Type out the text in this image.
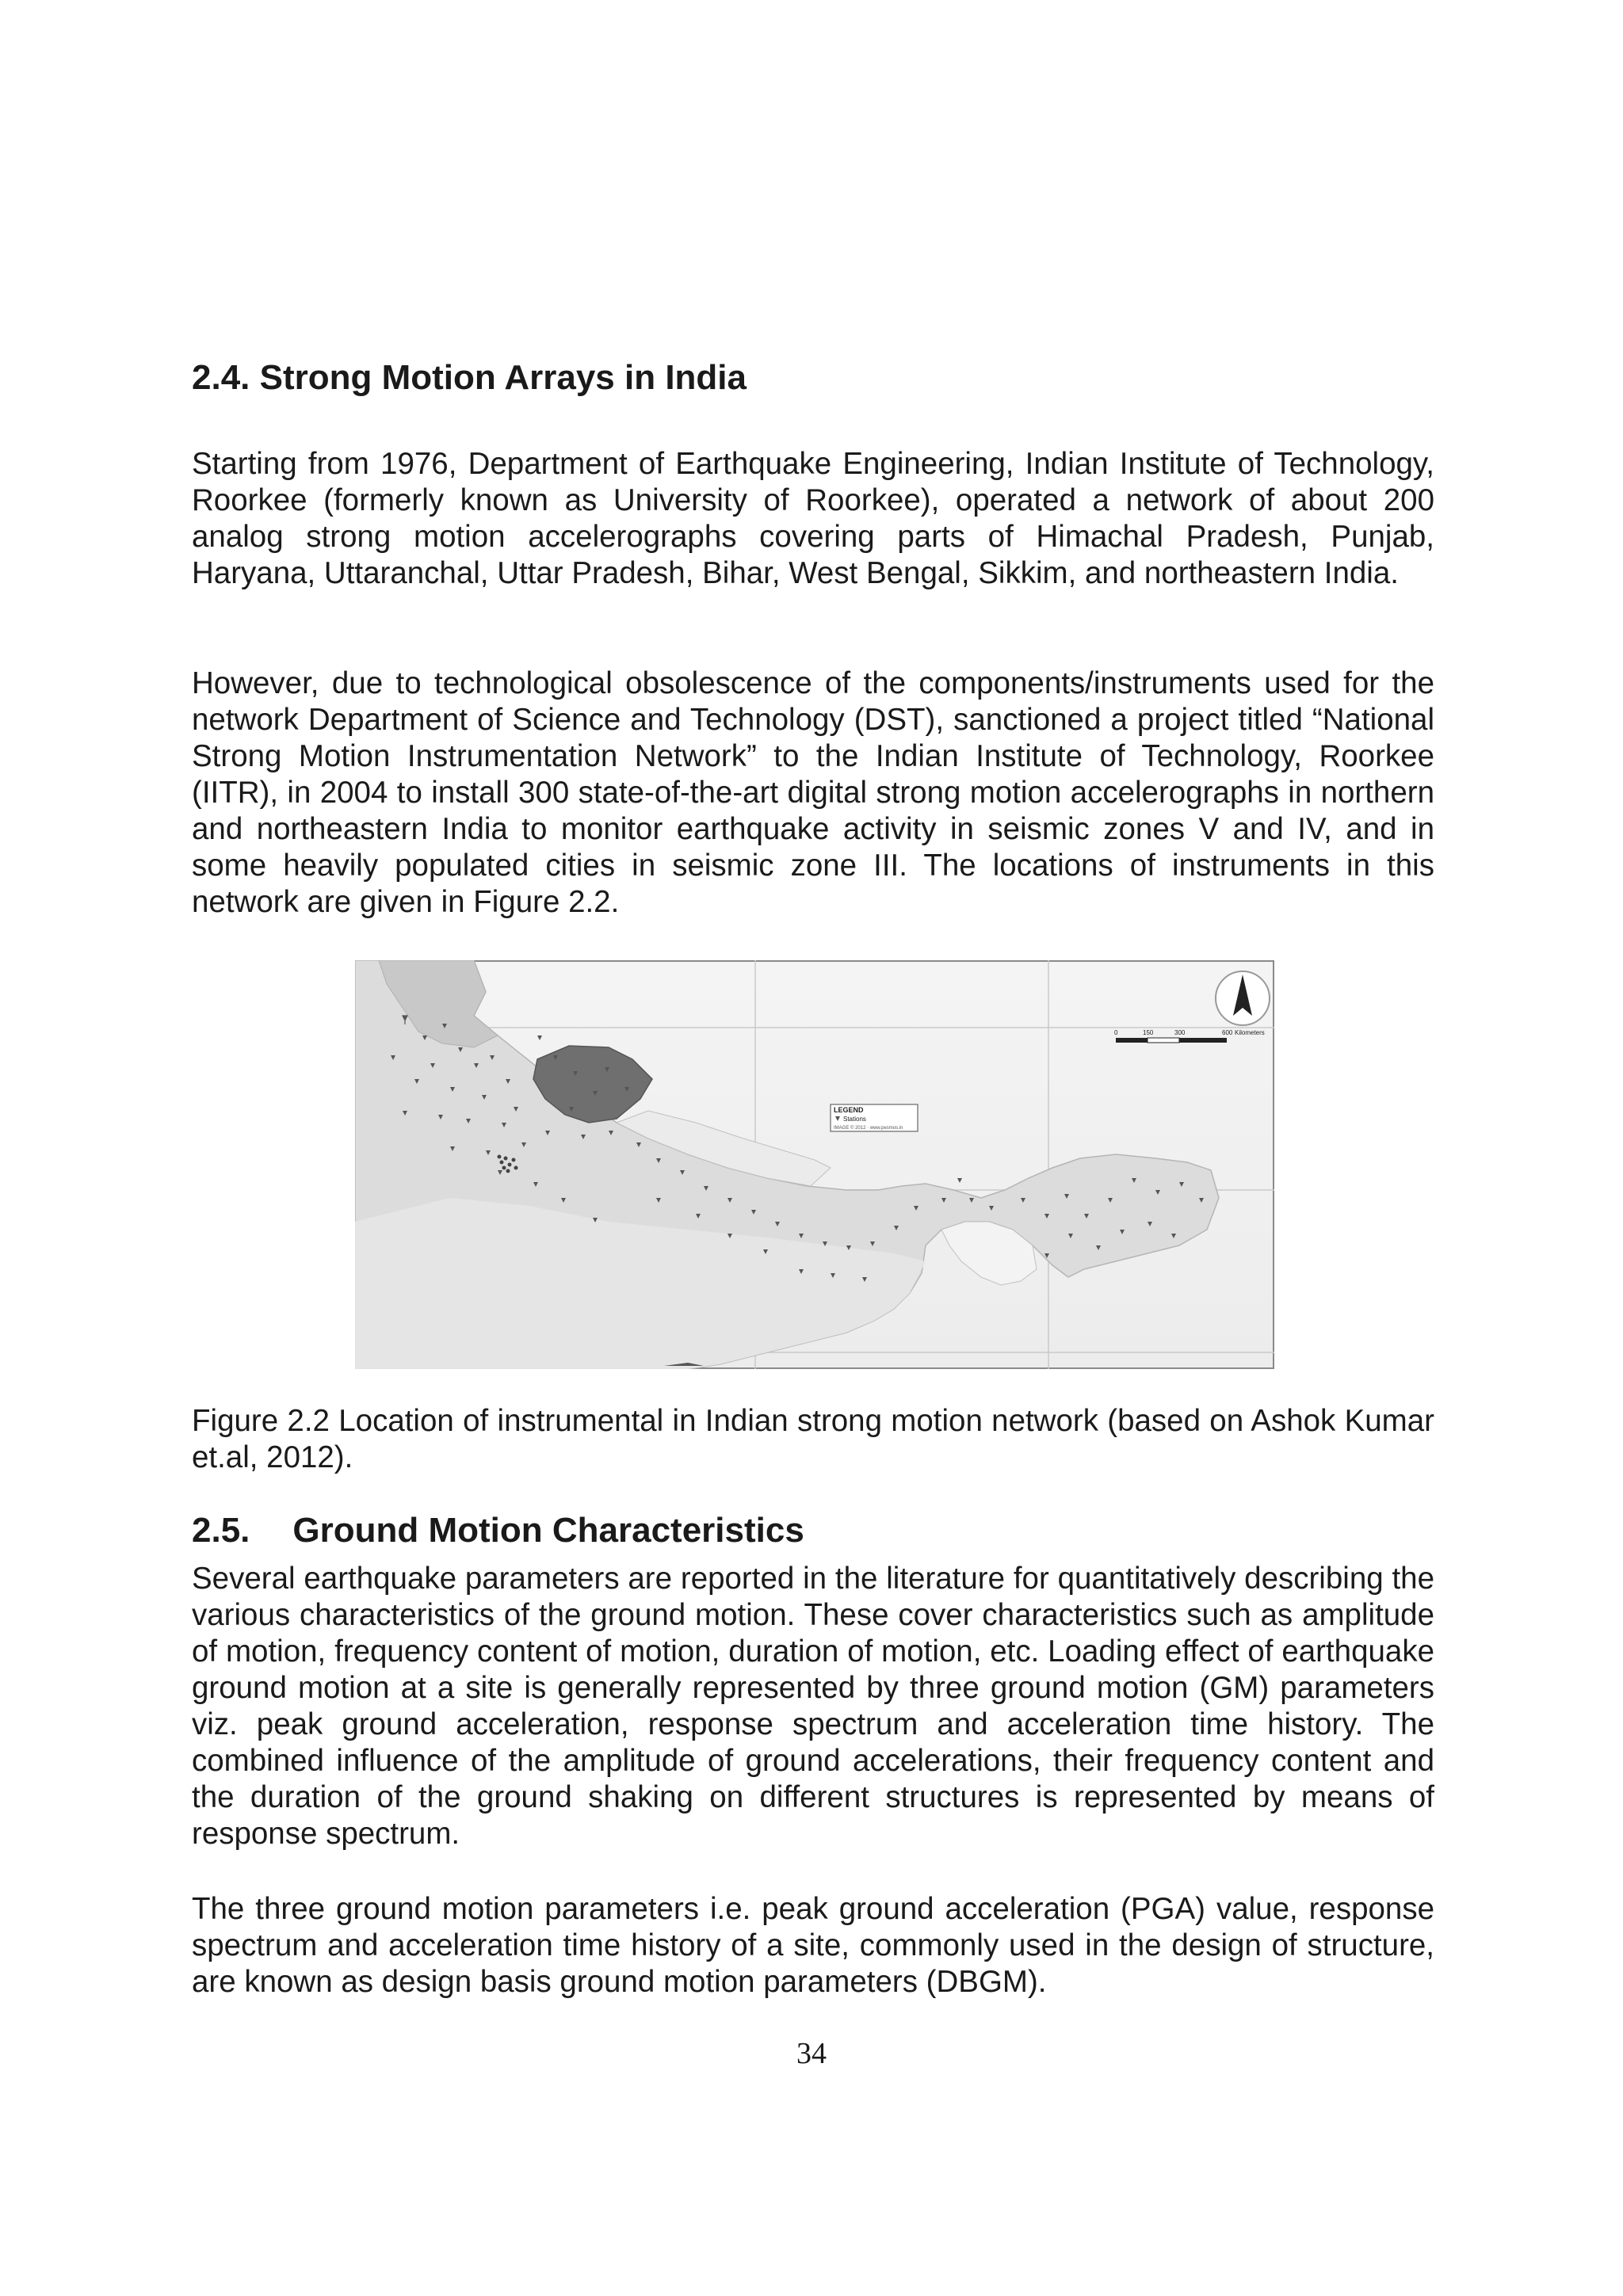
2.4. Strong Motion Arrays in India

Starting from 1976, Department of Earthquake Engineering, Indian Institute of Technology, Roorkee (formerly known as University of Roorkee), operated a network of about 200 analog strong motion accelerographs covering parts of Himachal Pradesh, Punjab, Haryana, Uttaranchal, Uttar Pradesh, Bihar, West Bengal, Sikkim, and northeastern India.

However, due to technological obsolescence of the components/instruments used for the network Department of Science and Technology (DST), sanctioned a project titled “National Strong Motion Instrumentation Network” to the Indian Institute of Technology, Roorkee (IITR), in 2004 to install 300 state-of-the-art digital strong motion accelerographs in northern and northeastern India to monitor earthquake activity in seismic zones V and IV, and in some heavily populated cities in seismic zone III. The locations of instruments in this network are given in Figure 2.2.

0	150	300	600 Kilometers
LEGEND
Stations
IMAGE © 2012 · www.pesmos.in

Figure 2.2 Location of instrumental in Indian strong motion network (based on Ashok Kumar et.al, 2012).

2.5. Ground Motion Characteristics

Several earthquake parameters are reported in the literature for quantitatively describing the various characteristics of the ground motion. These cover characteristics such as amplitude of motion, frequency content of motion, duration of motion, etc. Loading effect of earthquake ground motion at a site is generally represented by three ground motion (GM) parameters viz. peak ground acceleration, response spectrum and acceleration time history. The combined influence of the amplitude of ground accelerations, their frequency content and the duration of the ground shaking on different structures is represented by means of response spectrum.

The three ground motion parameters i.e. peak ground acceleration (PGA) value, response spectrum and acceleration time history of a site, commonly used in the design of structure, are known as design basis ground motion parameters (DBGM).

34
